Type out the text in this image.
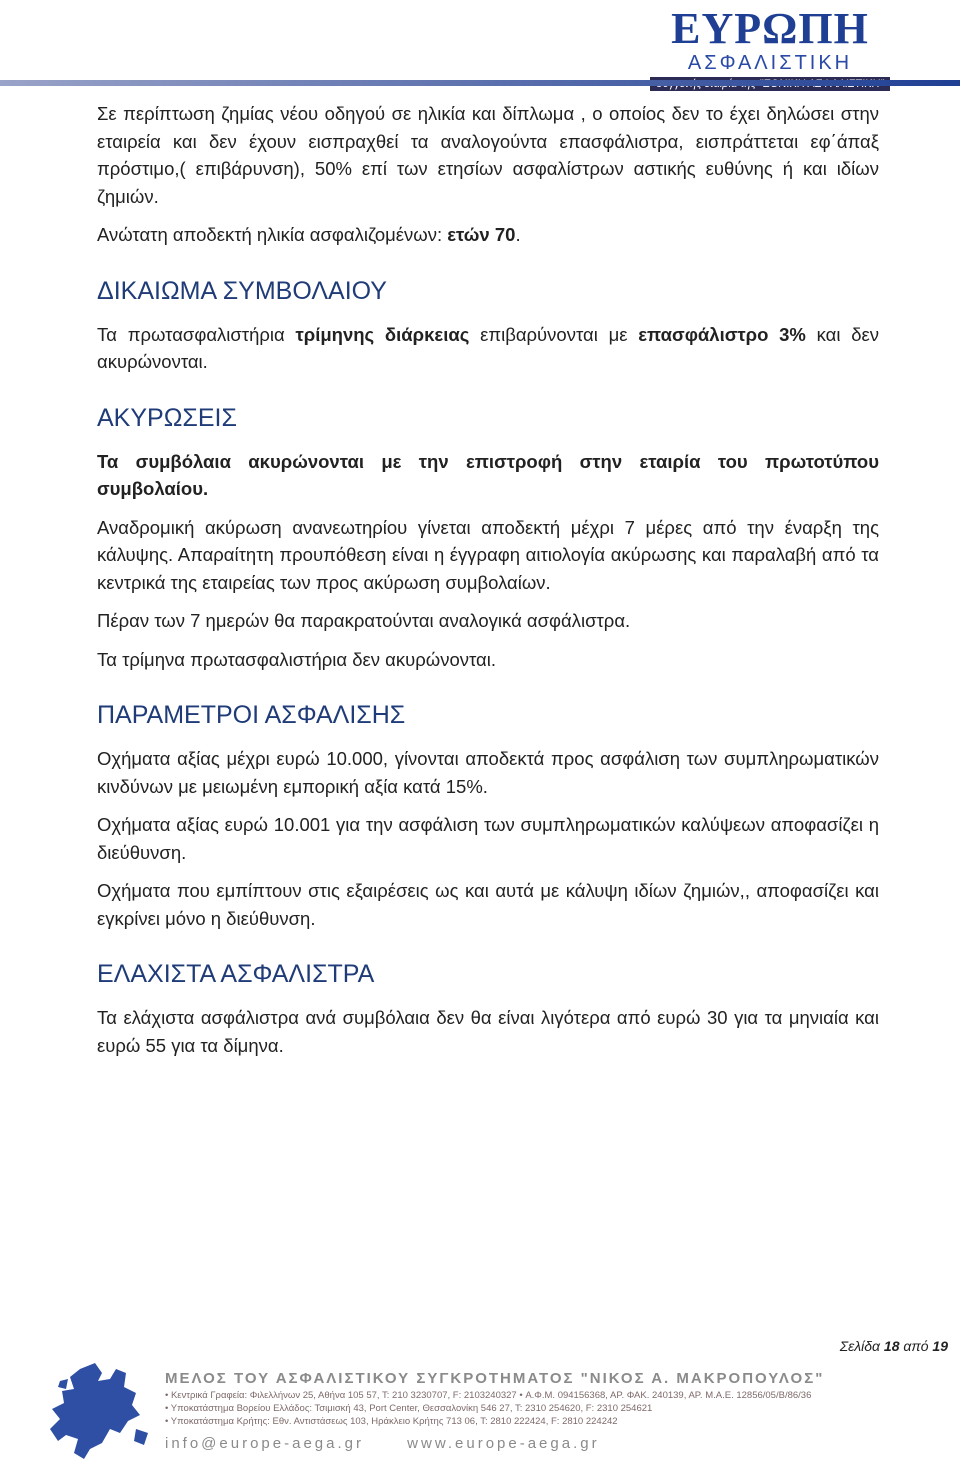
ΕΥΡΩΠΗ
ΑΣΦΑΛΙΣΤΙΚΗ

Σε περίπτωση ζημίας νέου οδηγού σε ηλικία και δίπλωμα , ο οποίος δεν το έχει δηλώσει στην εταιρεία και δεν έχουν εισπραχθεί τα αναλογούντα επασφάλιστρα, εισπράττεται εφ΄άπαξ πρόστιμο,( επιβάρυνση), 50% επί των ετησίων ασφαλίστρων αστικής ευθύνης ή και ιδίων ζημιών.

Ανώτατη αποδεκτή ηλικία ασφαλιζομένων: ετών 70.

ΔΙΚΑΙΩΜΑ ΣΥΜΒΟΛΑΙΟΥ

Τα πρωτασφαλιστήρια τρίμηνης διάρκειας επιβαρύνονται με επασφάλιστρο 3% και δεν ακυρώνονται.

ΑΚΥΡΩΣΕΙΣ

Τα συμβόλαια ακυρώνονται με την επιστροφή στην εταιρία του πρωτοτύπου συμβολαίου.

Αναδρομική ακύρωση ανανεωτηρίου γίνεται αποδεκτή μέχρι 7 μέρες από την έναρξη της κάλυψης. Απαραίτητη προυπόθεση είναι η έγγραφη αιτιολογία ακύρωσης και παραλαβή από τα κεντρικά της εταιρείας των προς ακύρωση συμβολαίων.

Πέραν των 7 ημερών θα παρακρατούνται αναλογικά ασφάλιστρα.

Τα τρίμηνα πρωτασφαλιστήρια δεν ακυρώνονται.

ΠΑΡΑΜΕΤΡΟΙ ΑΣΦΑΛΙΣΗΣ

Οχήματα αξίας μέχρι ευρώ 10.000, γίνονται αποδεκτά προς ασφάλιση των συμπληρωματικών κινδύνων με μειωμένη εμπορική αξία κατά 15%.

Οχήματα αξίας ευρώ 10.001 για την ασφάλιση των συμπληρωματικών καλύψεων αποφασίζει η διεύθυνση.

Οχήματα που εμπίπτουν στις εξαιρέσεις ως και αυτά με κάλυψη ιδίων ζημιών,, αποφασίζει και εγκρίνει μόνο η διεύθυνση.

ΕΛΑΧΙΣΤΑ ΑΣΦΑΛΙΣΤΡΑ

Τα ελάχιστα ασφάλιστρα ανά συμβόλαια δεν θα είναι λιγότερα από ευρώ 30 για τα μηνιαία και ευρώ 55 για τα δίμηνα.

Σελίδα 18 από 19
ΜΕΛΟΣ ΤΟΥ ΑΣΦΑΛΙΣΤΙΚΟΥ ΣΥΓΚΡΟΤΗΜΑΤΟΣ "ΝΙΚΟΣ Α. ΜΑΚΡΟΠΟΥΛΟΣ"
• Κεντρικά Γραφεία: Φιλελλήνων 25, Αθήνα 105 57, Τ: 210 3230707, F: 2103240327 • Α.Φ.Μ. 094156368, ΑΡ. ΦΑΚ. 240139, ΑΡ. Μ.Α.Ε. 12856/05/Β/86/36
• Υποκατάστημα Βορείου Ελλάδος: Τσιμισκή 43, Port Center, Θεσσαλονίκη 546 27, Τ: 2310 254620, F: 2310 254621
• Υποκατάστημα Κρήτης: Εθν. Αντιστάσεως 103, Ηράκλειο Κρήτης 713 06, Τ: 2810 222424, F: 2810 224242
info@europe-aega.gr	www.europe-aega.gr
